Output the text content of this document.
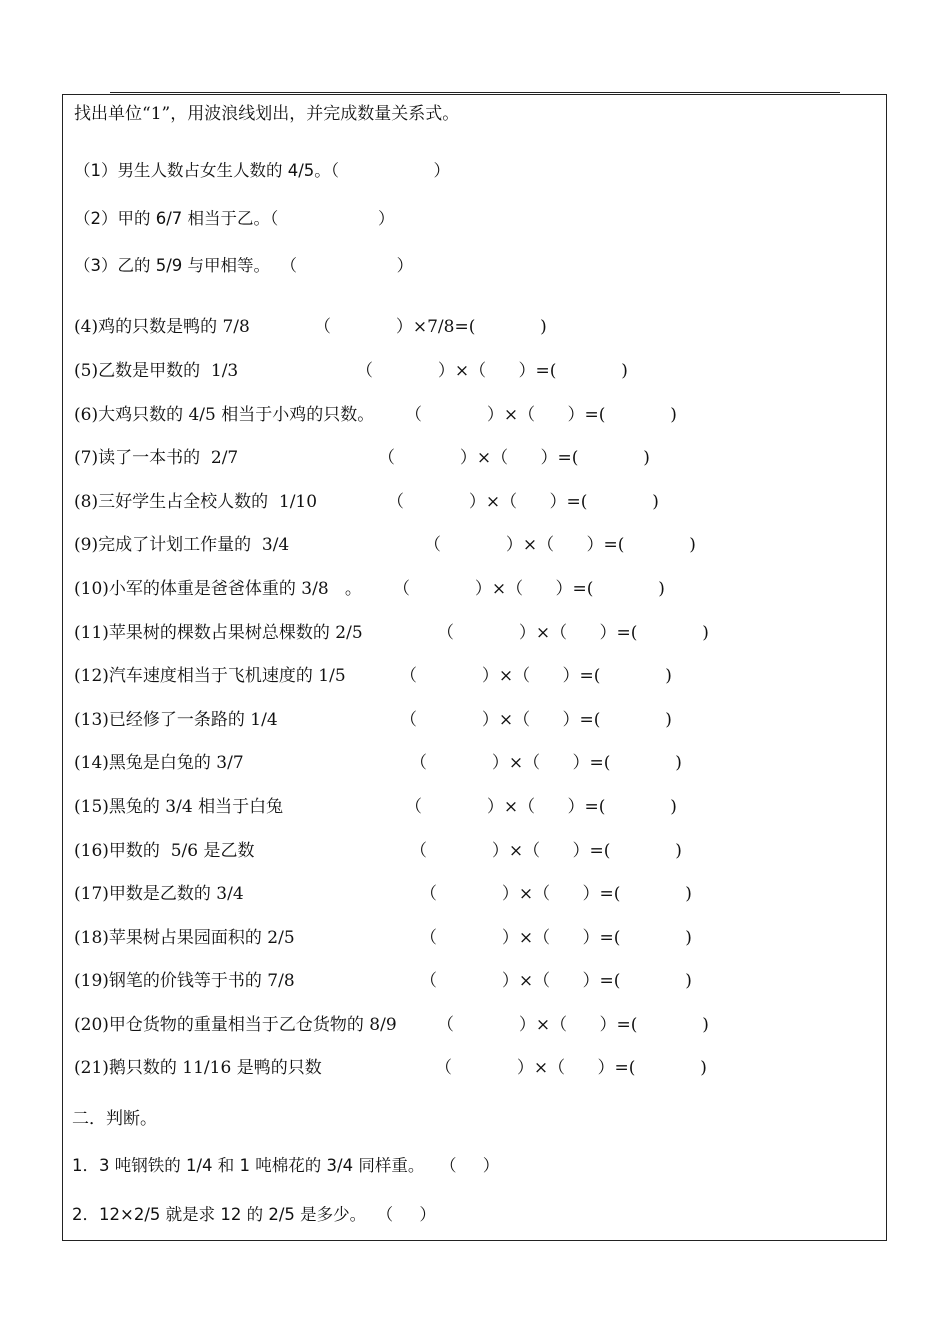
找出单位“1”，用波浪线划出，并完成数量关系式。
（1）男生人数占女生人数的 4/5。（                  ）
（2）甲的 6/7 相当于乙。（                   ）
（3）乙的 5/9 与甲相等。  （                   ）
(4)鸡的只数是鸭的 7/8	（            ）×7/8=(            )
(5)乙数是甲数的  1/3	（            ）×（      ）=(            )
(6)大鸡只数的 4/5 相当于小鸡的只数。 （            ）×（      ）=(            )
(7)读了一本书的  2/7	（            ）×（      ）=(            )
(8)三好学生占全校人数的  1/10	（            ）×（      ）=(            )
(9)完成了计划工作量的  3/4	（            ）×（      ）=(            )
(10)小军的体重是爸爸体重的 3/8   。 （            ）×（      ）=(            )
(11)苹果树的棵数占果树总棵数的 2/5	（            ）×（      ）=(            )
(12)汽车速度相当于飞机速度的 1/5	（            ）×（      ）=(            )
(13)已经修了一条路的 1/4	（            ）×（      ）=(            )
(14)黑兔是白兔的 3/7	（            ）×（      ）=(            )
(15)黑兔的 3/4 相当于白兔	（            ）×（      ）=(            )
(16)甲数的  5/6 是乙数	（            ）×（      ）=(            )
(17)甲数是乙数的 3/4	（            ）×（      ）=(            )
(18)苹果树占果园面积的 2/5	（            ）×（      ）=(            )
(19)钢笔的价钱等于书的 7/8	（            ）×（      ）=(            )
(20)甲仓货物的重量相当于乙仓货物的 8/9 （            ）×（      ）=(            )
(21)鹅只数的 11/16 是鸭的只数	（            ）×（      ）=(            )
二．判断。
1．3 吨钢铁的 1/4 和 1 吨棉花的 3/4 同样重。   （     ）
2．12×2/5 就是求 12 的 2/5 是多少。  （     ）
